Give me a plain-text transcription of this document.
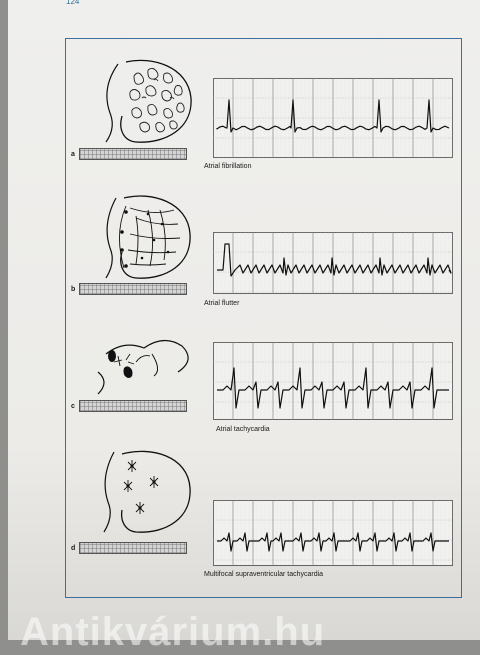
124
a
Atrial fibrillation
b
Atrial flutter
c
Atrial tachycardia
d
Multifocal supraventricular tachycardia
Antikvárium.hu
